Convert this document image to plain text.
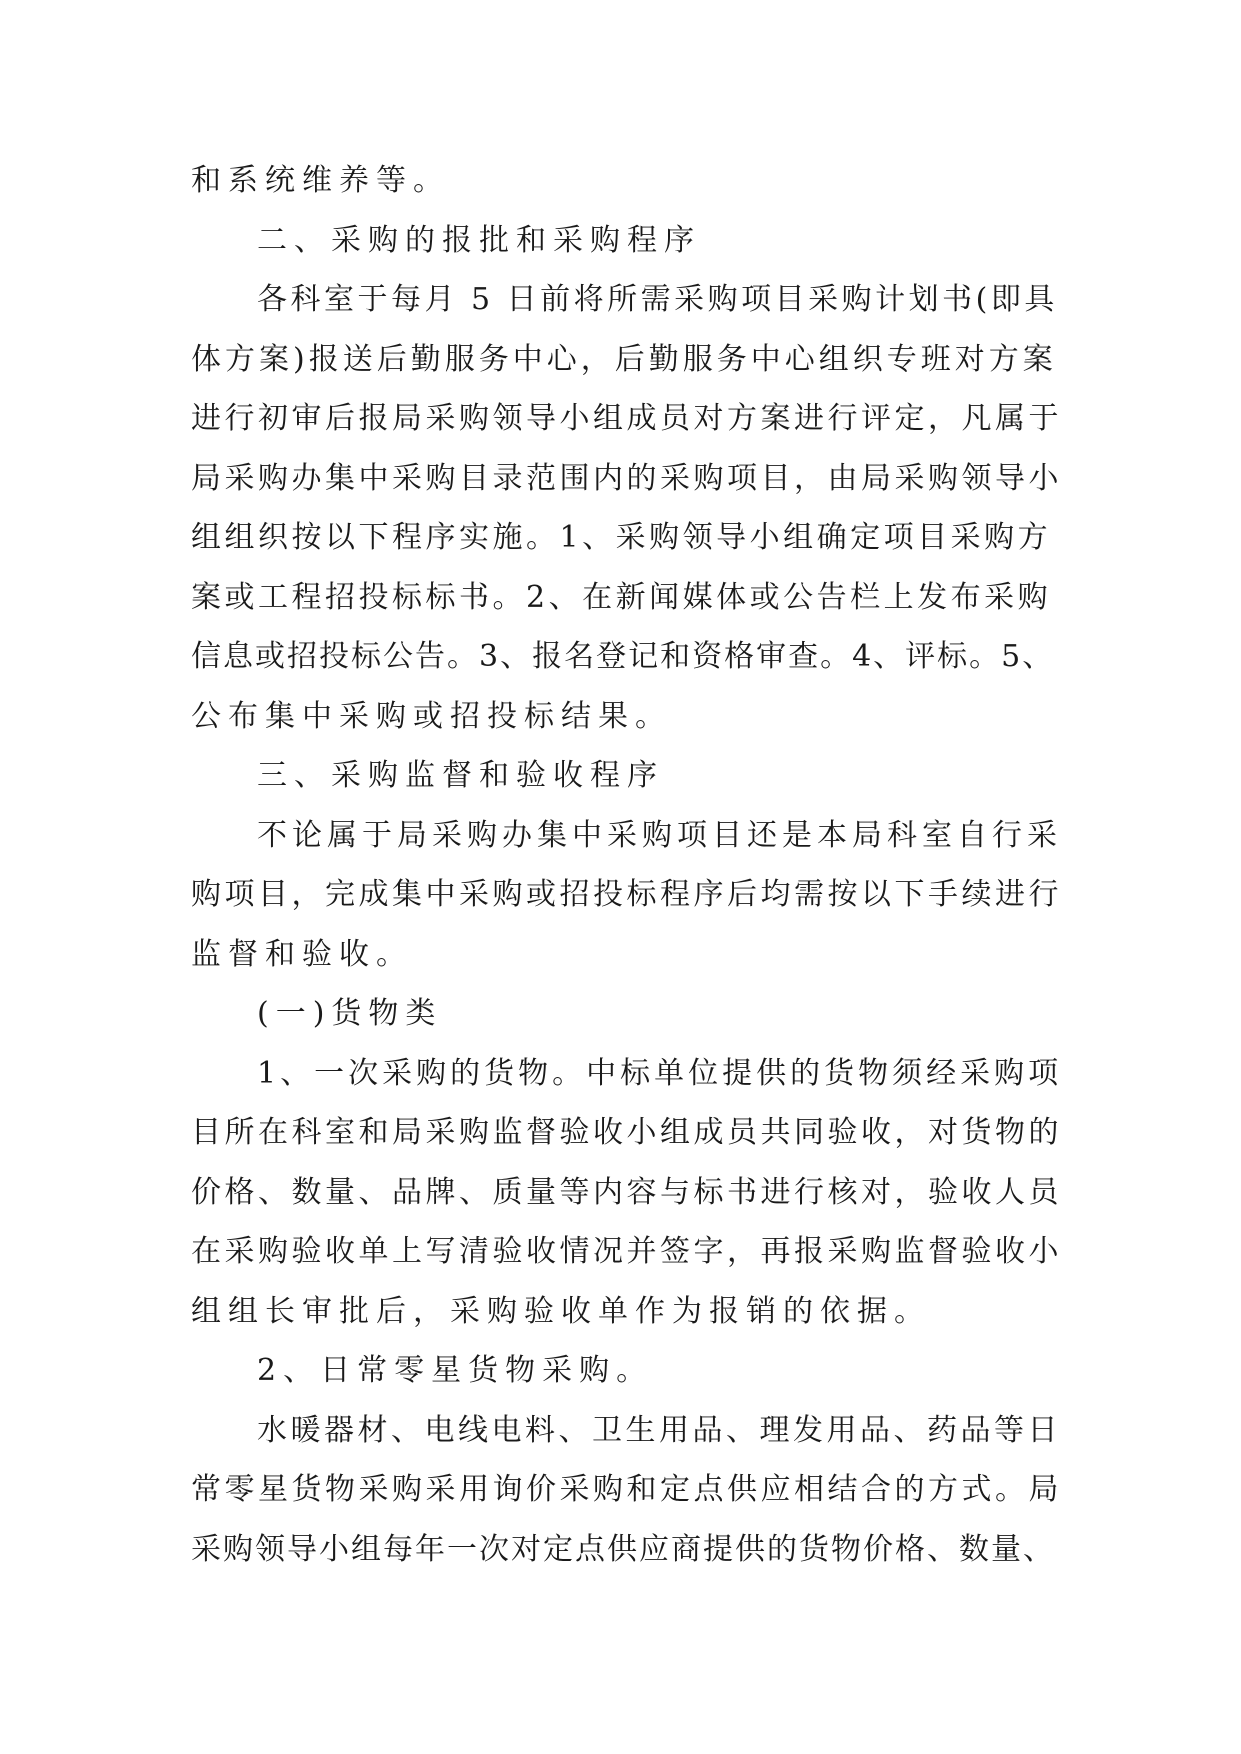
和系统维养等。
二、采购的报批和采购程序
各科室于每月 5 日前将所需采购项目采购计划书(即具
体方案)报送后勤服务中心，后勤服务中心组织专班对方案
进行初审后报局采购领导小组成员对方案进行评定，凡属于
局采购办集中采购目录范围内的采购项目，由局采购领导小
组组织按以下程序实施。1、采购领导小组确定项目采购方
案或工程招投标标书。2、在新闻媒体或公告栏上发布采购
信息或招投标公告。3、报名登记和资格审查。4、评标。5、
公布集中采购或招投标结果。
三、采购监督和验收程序
不论属于局采购办集中采购项目还是本局科室自行采
购项目，完成集中采购或招投标程序后均需按以下手续进行
监督和验收。
(一)货物类
1、一次采购的货物。中标单位提供的货物须经采购项
目所在科室和局采购监督验收小组成员共同验收，对货物的
价格、数量、品牌、质量等内容与标书进行核对，验收人员
在采购验收单上写清验收情况并签字，再报采购监督验收小
组组长审批后，采购验收单作为报销的依据。
2、日常零星货物采购。
水暖器材、电线电料、卫生用品、理发用品、药品等日
常零星货物采购采用询价采购和定点供应相结合的方式。局
采购领导小组每年一次对定点供应商提供的货物价格、数量、
